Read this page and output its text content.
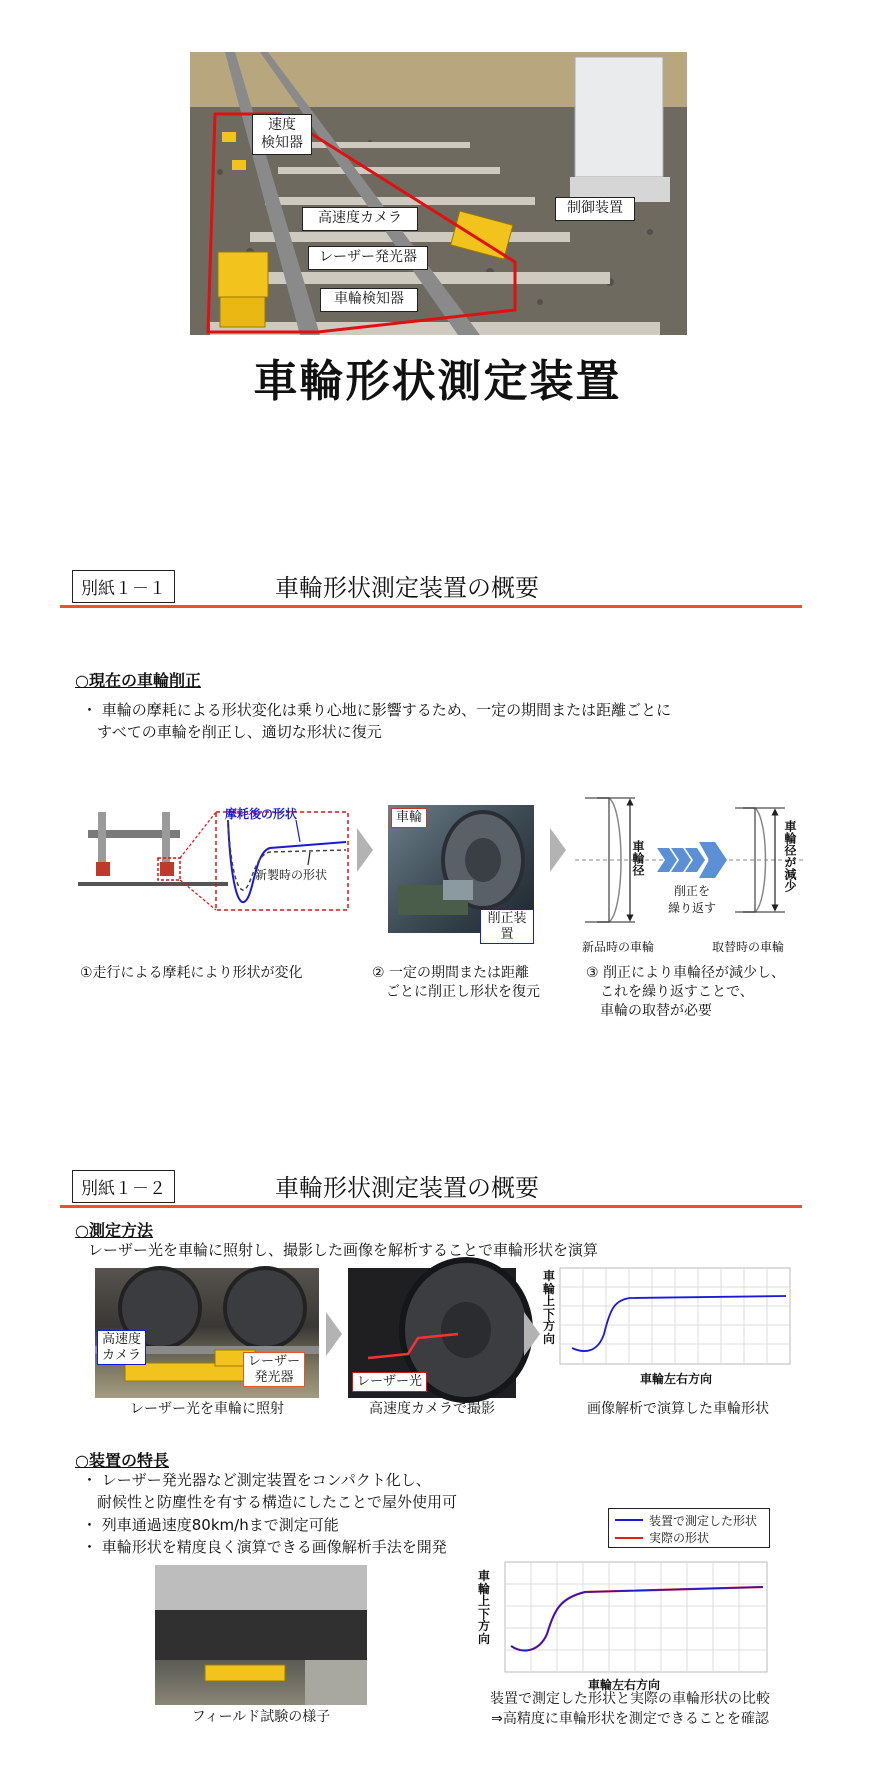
速度
検知器
高速度カメラ
レーザー発光器
車輪検知器
制御装置
車輪形状測定装置
別紙１－１	車輪形状測定装置の概要
○現在の車輪削正
・ 車輪の摩耗による形状変化は乗り心地に影響するため、一定の期間または距離ごとに
　すべての車輪を削正し、適切な形状に復元
摩耗後の形状
新製時の形状
車輪
削正装置
車輪径	車輪径が減少
削正を
繰り返す
新品時の車輪	取替時の車輪
①走行による摩耗により形状が変化	② 一定の期間または距離
　ごとに削正し形状を復元
③ 削正により車輪径が減少し、
　これを繰り返すことで、
　車輪の取替が必要
別紙１－２	車輪形状測定装置の概要
○測定方法
レーザー光を車輪に照射し、撮影した画像を解析することで車輪形状を演算
高速度
カメラ	レーザー
発光器
レーザー光を車輪に照射
レーザー光
高速度カメラで撮影
車
輪
上
下
方
向
車輪左右方向
画像解析で演算した車輪形状
○装置の特長
・ レーザー発光器など測定装置をコンパクト化し、
　耐候性と防塵性を有する構造にしたことで屋外使用可
・ 列車通過速度80km/hまで測定可能
・ 車輪形状を精度良く演算できる画像解析手法を開発
装置で測定した形状
実際の形状
フィールド試験の様子
車
輪
上
下
方
向
車輪左右方向
装置で測定した形状と実際の車輪形状の比較
⇒高精度に車輪形状を測定できることを確認
